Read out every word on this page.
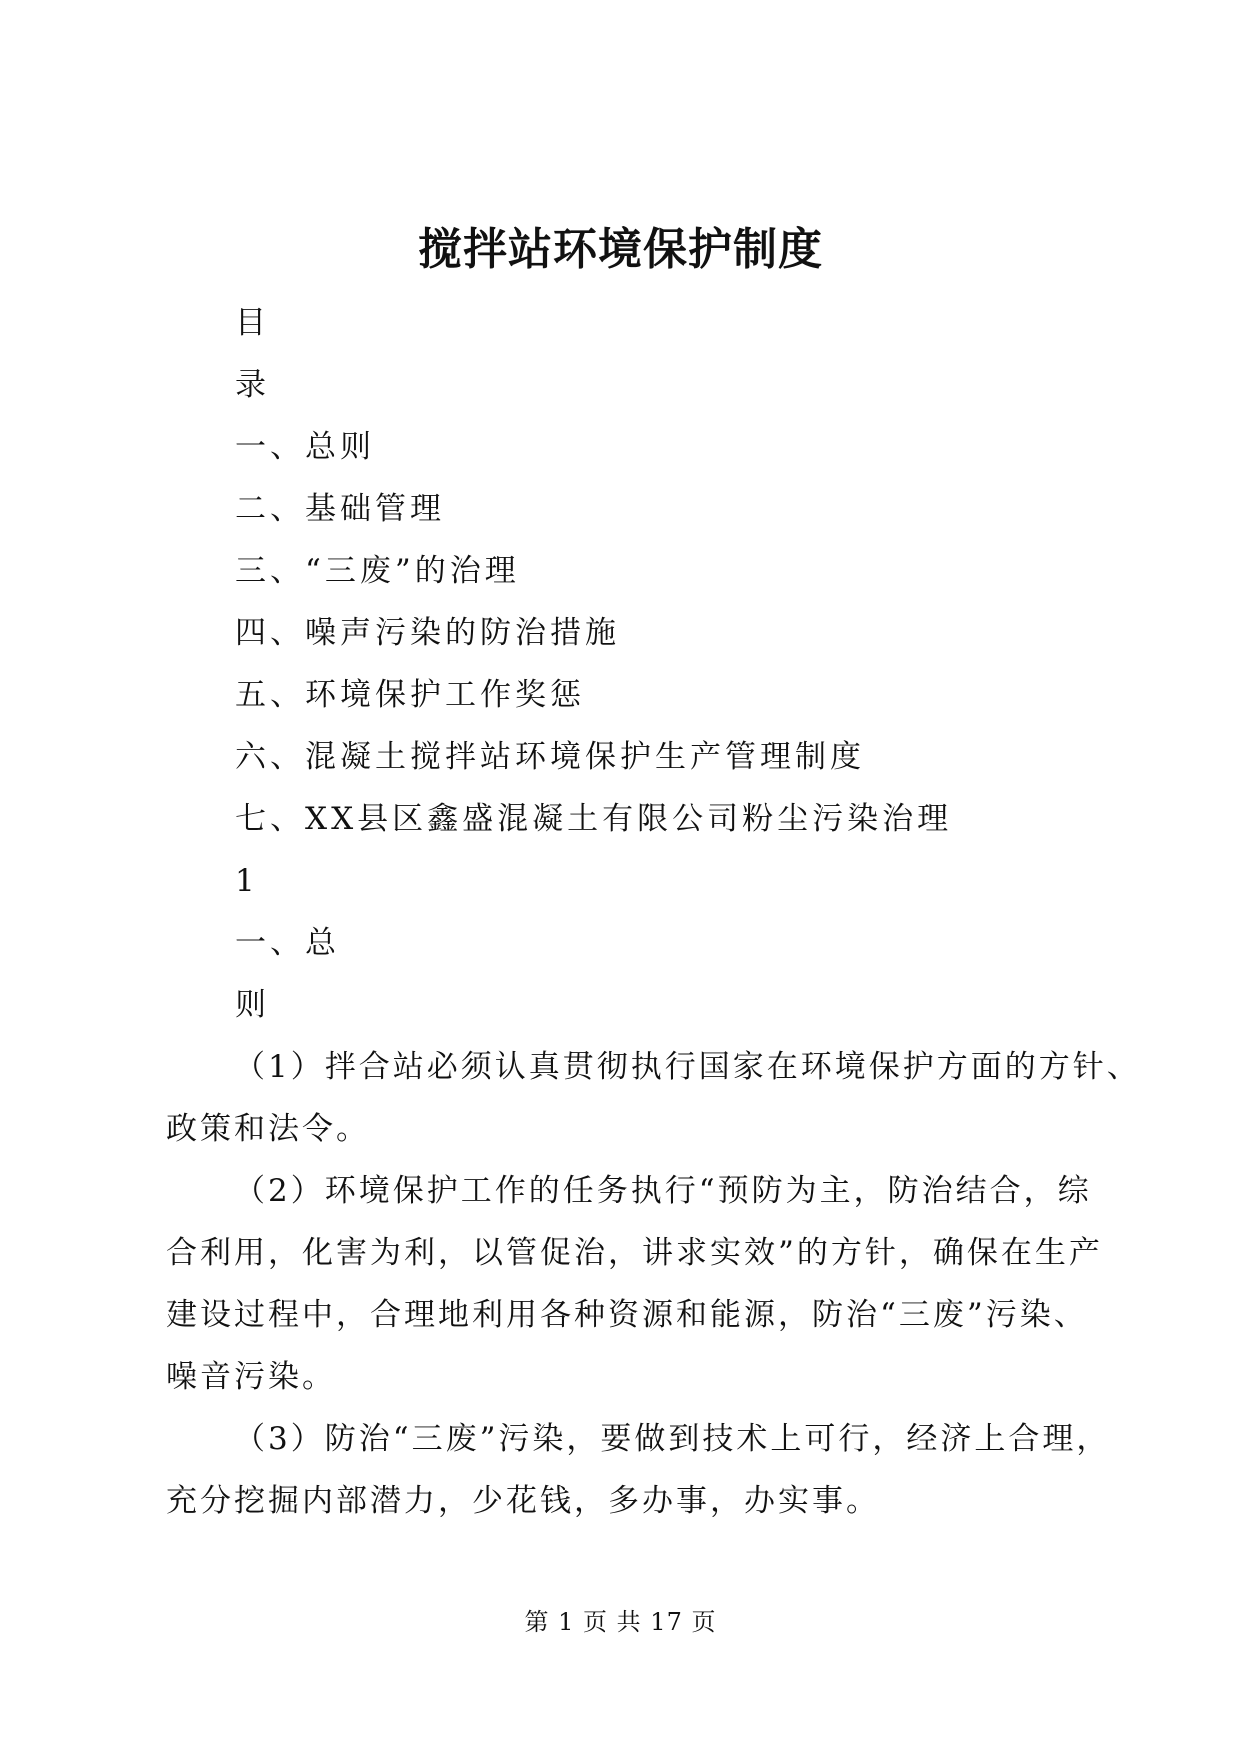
搅拌站环境保护制度
目
录
一、总则
二、基础管理
三、“三废”的治理
四、噪声污染的防治措施
五、环境保护工作奖惩
六、混凝土搅拌站环境保护生产管理制度
七、XX县区鑫盛混凝土有限公司粉尘污染治理
1
一、总
则

（1）拌合站必须认真贯彻执行国家在环境保护方面的方针、
政策和法令。

（2）环境保护工作的任务执行“预防为主，防治结合，综
合利用，化害为利，以管促治，讲求实效”的方针，确保在生产
建设过程中，合理地利用各种资源和能源，防治“三废”污染、
噪音污染。

（3）防治“三废”污染，要做到技术上可行，经济上合理，
充分挖掘内部潜力，少花钱，多办事，办实事。

第 1 页 共 17 页
